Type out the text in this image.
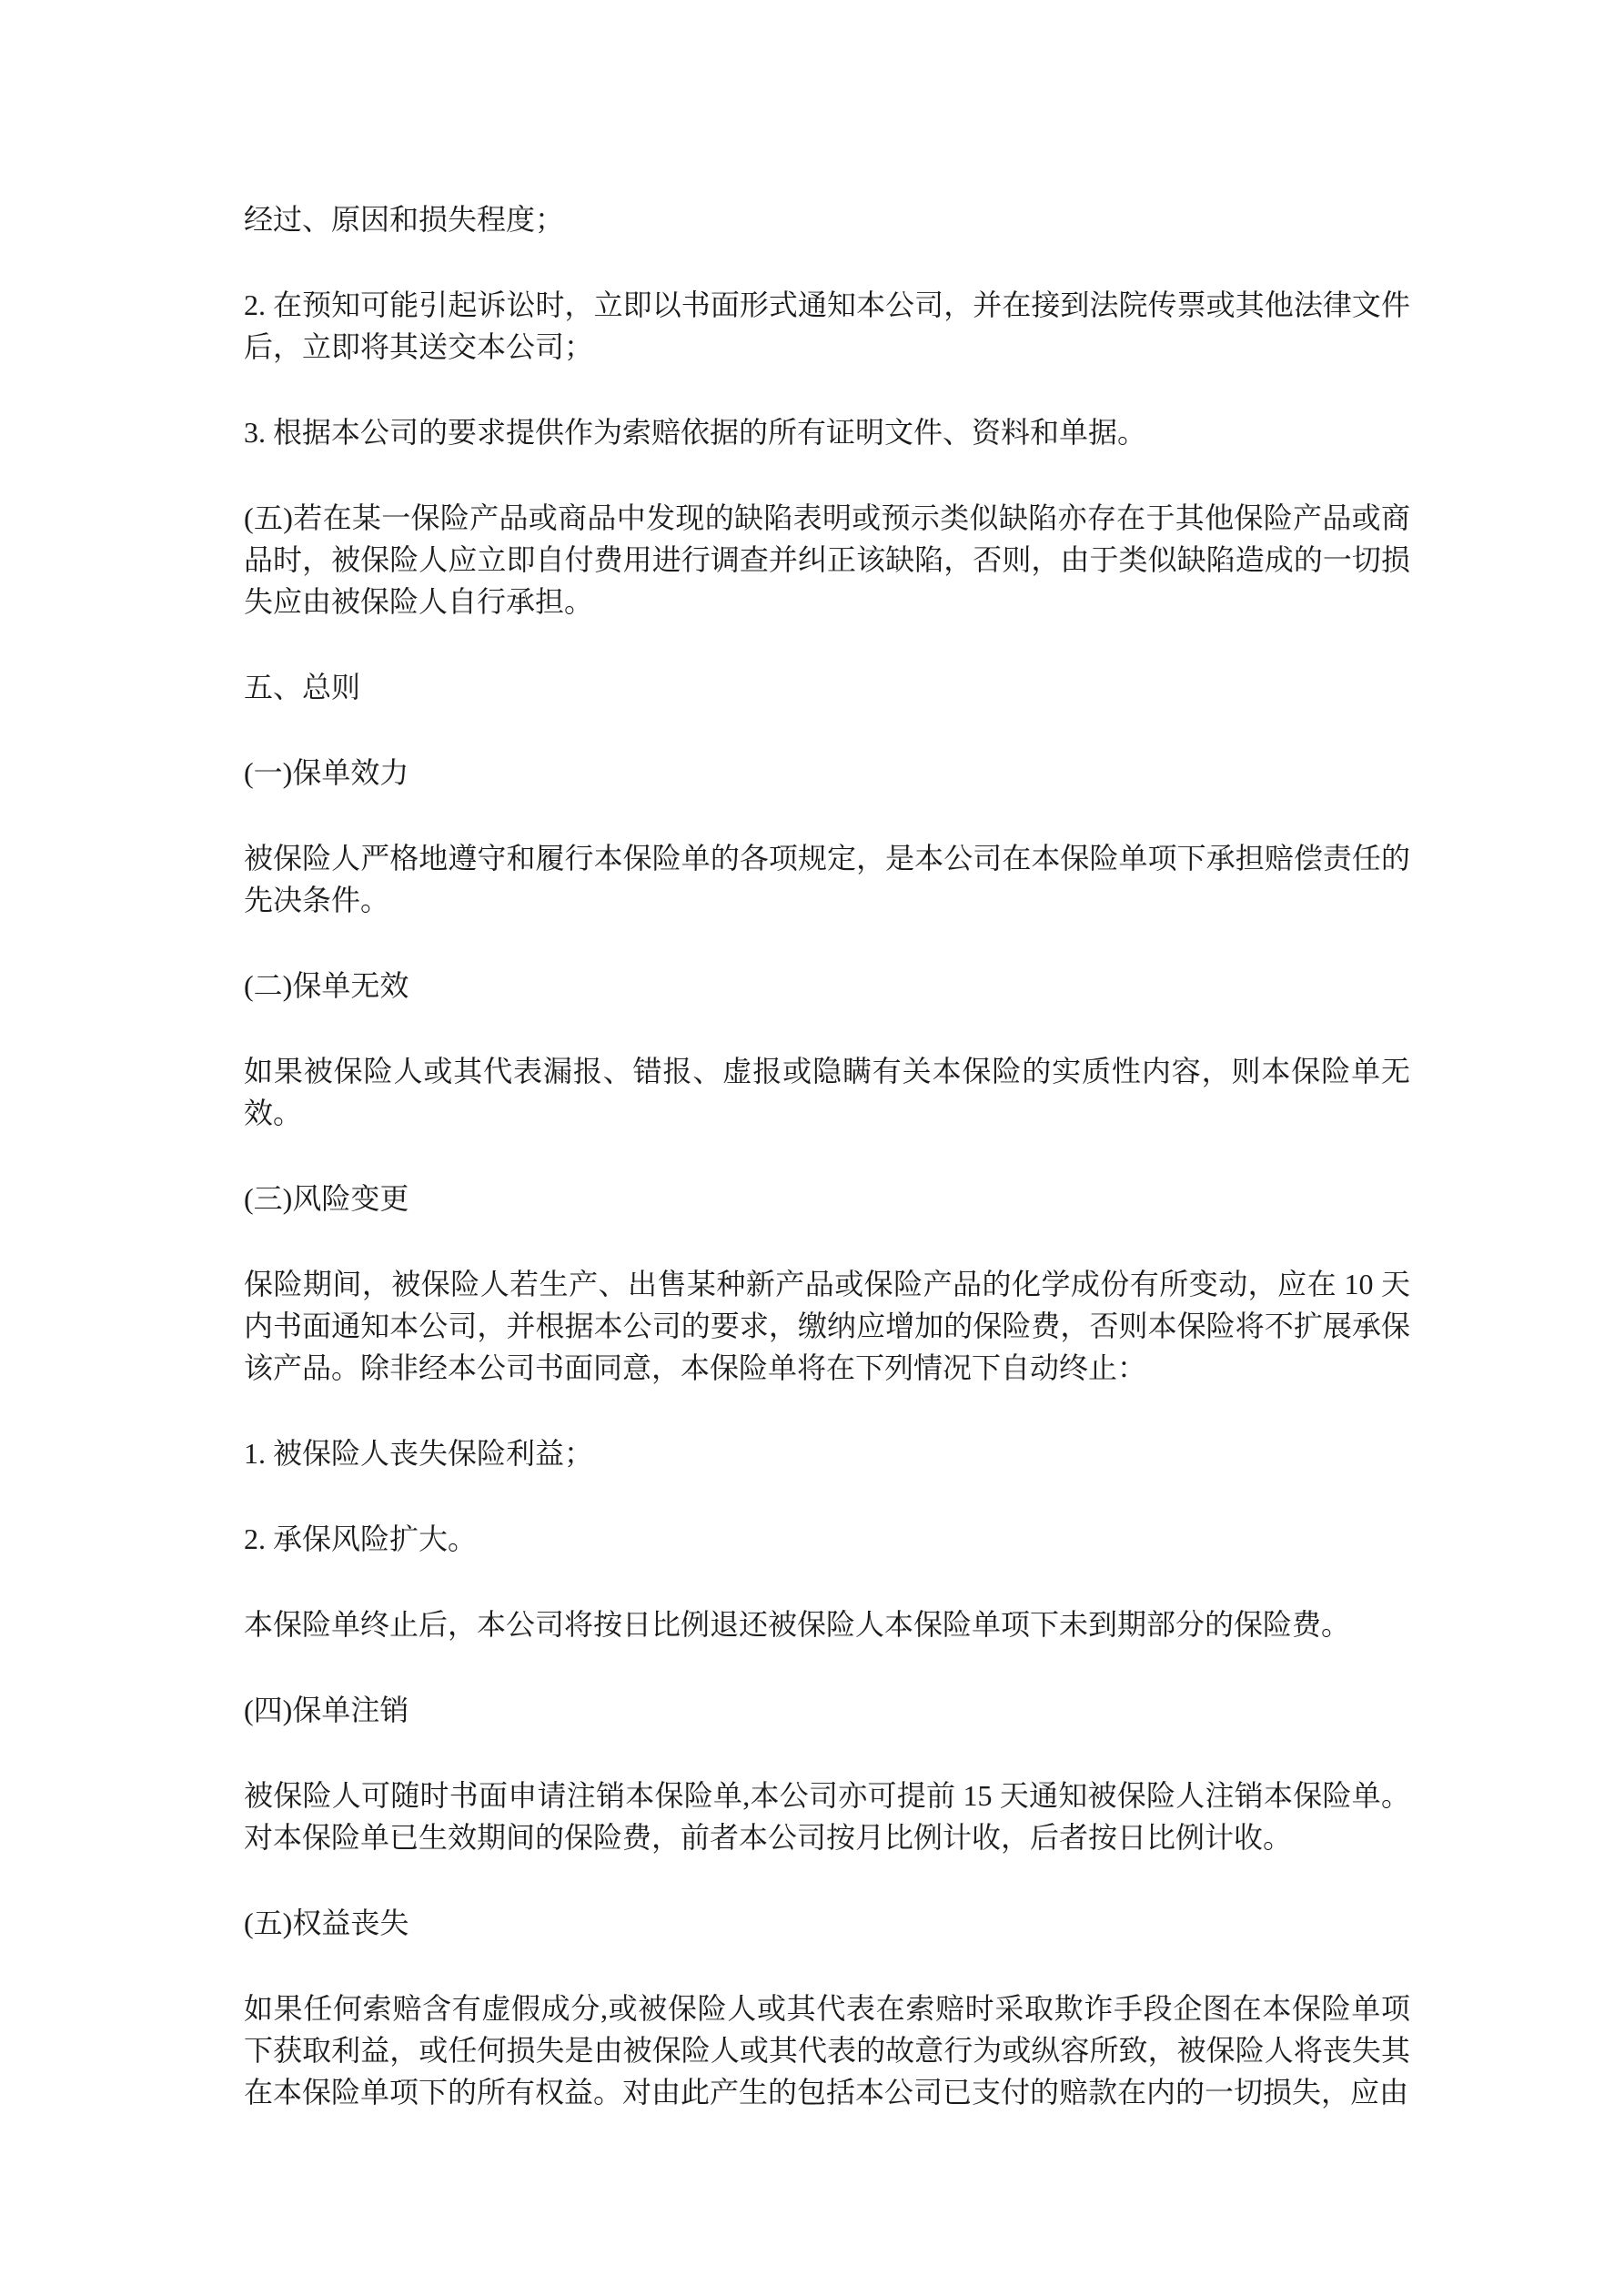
经过、原因和损失程度；

2. 在预知可能引起诉讼时，立即以书面形式通知本公司，并在接到法院传票或其他法律文件后，立即将其送交本公司；

3. 根据本公司的要求提供作为索赔依据的所有证明文件、资料和单据。

(五)若在某一保险产品或商品中发现的缺陷表明或预示类似缺陷亦存在于其他保险产品或商品时，被保险人应立即自付费用进行调查并纠正该缺陷，否则，由于类似缺陷造成的一切损失应由被保险人自行承担。

五、总则

(一)保单效力

被保险人严格地遵守和履行本保险单的各项规定，是本公司在本保险单项下承担赔偿责任的先决条件。

(二)保单无效

如果被保险人或其代表漏报、错报、虚报或隐瞒有关本保险的实质性内容，则本保险单无效。

(三)风险变更

保险期间，被保险人若生产、出售某种新产品或保险产品的化学成份有所变动，应在 10 天内书面通知本公司，并根据本公司的要求，缴纳应增加的保险费，否则本保险将不扩展承保该产品。除非经本公司书面同意，本保险单将在下列情况下自动终止：

1. 被保险人丧失保险利益；

2. 承保风险扩大。

本保险单终止后，本公司将按日比例退还被保险人本保险单项下未到期部分的保险费。

(四)保单注销

被保险人可随时书面申请注销本保险单,本公司亦可提前 15 天通知被保险人注销本保险单。对本保险单已生效期间的保险费，前者本公司按月比例计收，后者按日比例计收。

(五)权益丧失

如果任何索赔含有虚假成分,或被保险人或其代表在索赔时采取欺诈手段企图在本保险单项下获取利益，或任何损失是由被保险人或其代表的故意行为或纵容所致，被保险人将丧失其在本保险单项下的所有权益。对由此产生的包括本公司已支付的赔款在内的一切损失，应由
